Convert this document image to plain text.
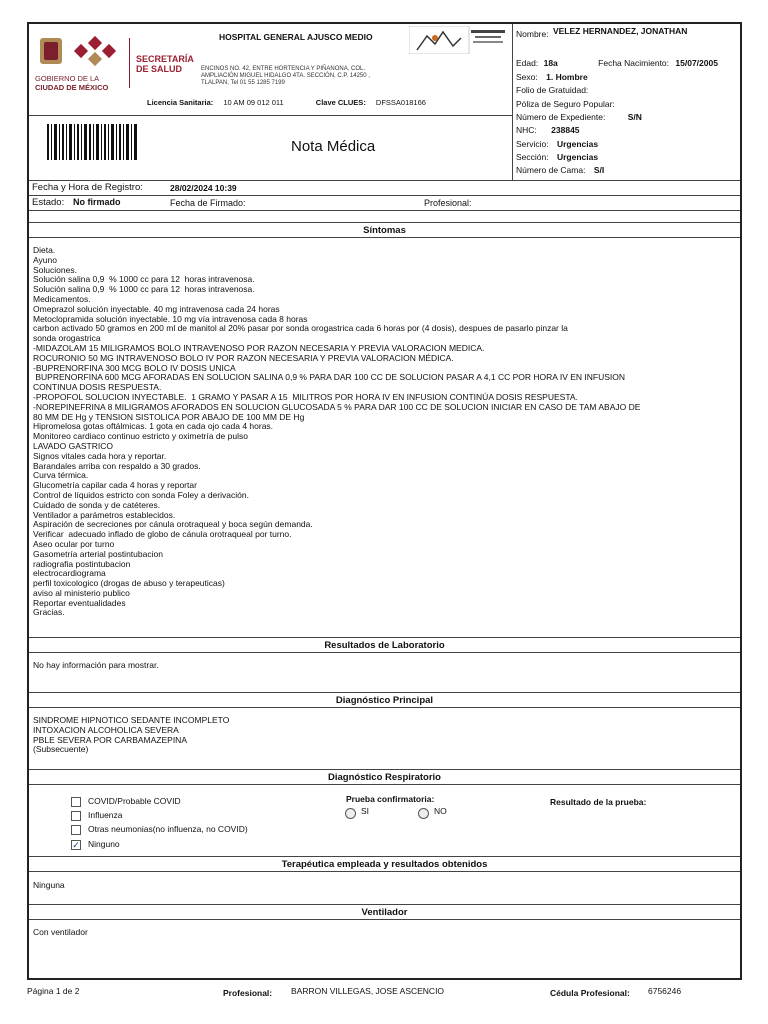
GOBIERNO DE LA
CIUDAD DE MÉXICO
SECRETARÍA
DE SALUD
HOSPITAL GENERAL AJUSCO MEDIO
ENCINOS NO. 42, ENTRE HORTENCIA Y PIÑANONA, COL. AMPLIACIÓN MIGUEL HIDALGO 4TA. SECCIÓN, C.P. 14250 , TLALPAN, Tel 01 55 1285 7199
Licencia Sanitaria: 10 AM 09 012 011	Clave CLUES: DFSSA018166
Nota Médica
Nombre: VELEZ HERNANDEZ, JONATHAN
Edad: 18a	Fecha Nacimiento: 15/07/2005
Sexo: 1. Hombre
Folio de Gratuidad:
Póliza de Seguro Popular:
Número de Expediente:	S/N
NHC: 238845
Servicio: Urgencias
Sección: Urgencias
Número de Cama: S/I
Fecha y Hora de Registro:	28/02/2024 10:39
Estado: No firmado	Fecha de Firmado:	Profesional:
Síntomas
Dieta.
Ayuno
Soluciones.
Solución salina 0,9  % 1000 cc para 12  horas intravenosa.
Solución salina 0,9  % 1000 cc para 12  horas intravenosa.
Medicamentos.
Omeprazol solución inyectable. 40 mg intravenosa cada 24 horas
Metoclopramida solución inyectable. 10 mg vía intravenosa cada 8 horas
carbon activado 50 gramos en 200 ml de manitol al 20% pasar por sonda orogastrica cada 6 horas por (4 dosis), despues de pasarlo pinzar la
sonda orogastrica
-MIDAZOLAM 15 MILIGRAMOS BOLO INTRAVENOSO POR RAZON NECESARIA Y PREVIA VALORACION MEDICA.
ROCURONIO 50 MG INTRAVENOSO BOLO IV POR RAZON NECESARIA Y PREVIA VALORACION MÉDICA.
-BUPRENORFINA 300 MCG BOLO IV DOSIS UNICA
BUPRENORFINA 600 MCG AFORADAS EN SOLUCION SALINA 0,9 % PARA DAR 100 CC DE SOLUCION PASAR A 4,1 CC POR HORA IV EN INFUSION
CONTINUA DOSIS RESPUESTA.
-PROPOFOL SOLUCION INYECTABLE.  1 GRAMO Y PASAR A 15  MILITROS POR HORA IV EN INFUSION CONTINÚA DOSIS RESPUESTA.
-NOREPINEFRINA 8 MILIGRAMOS AFORADOS EN SOLUCION GLUCOSADA 5 % PARA DAR 100 CC DE SOLUCION INICIAR EN CASO DE TAM ABAJO DE
80 MM DE Hg y TENSION SISTOLICA POR ABAJO DE 100 MM DE Hg
Hipromelosa gotas oftálmicas. 1 gota en cada ojo cada 4 horas.
Monitoreo cardiaco continuo estricto y oximetría de pulso
LAVADO GASTRICO
Signos vitales cada hora y reportar.
Barandales arriba con respaldo a 30 grados.
Curva térmica.
Glucometría capilar cada 4 horas y reportar
Control de líquidos estricto con sonda Foley a derivación.
Cuidado de sonda y de catéteres.
Ventilador a parámetros establecidos.
Aspiración de secreciones por cánula orotraqueal y boca según demanda.
Verificar  adecuado inflado de globo de cánula orotraqueal por turno.
Aseo ocular por turno
Gasometría arterial postintubacion
radiografia postintubacion
electrocardiograma
perfil toxicologico (drogas de abuso y terapeuticas)
aviso al ministerio publico
Reportar eventualidades
Gracias.
Resultados de Laboratorio
No hay información para mostrar.
Diagnóstico Principal
SINDROME HIPNOTICO SEDANTE INCOMPLETO
INTOXACION ALCOHOLICA SEVERA
PBLE SEVERA POR CARBAMAZEPINA
(Subsecuente)
Diagnóstico Respiratorio
COVID/Probable COVID
Influenza
Otras neumonias(no influenza, no COVID)
✓ Ninguno
Prueba confirmatoria:
SI	NO
Resultado de la prueba:
Terapéutica empleada y resultados obtenidos
Ninguna
Ventilador
Con ventilador
Página 1 de 2	Profesional: BARRON VILLEGAS, JOSE ASCENCIO	Cédula Profesional: 6756246
